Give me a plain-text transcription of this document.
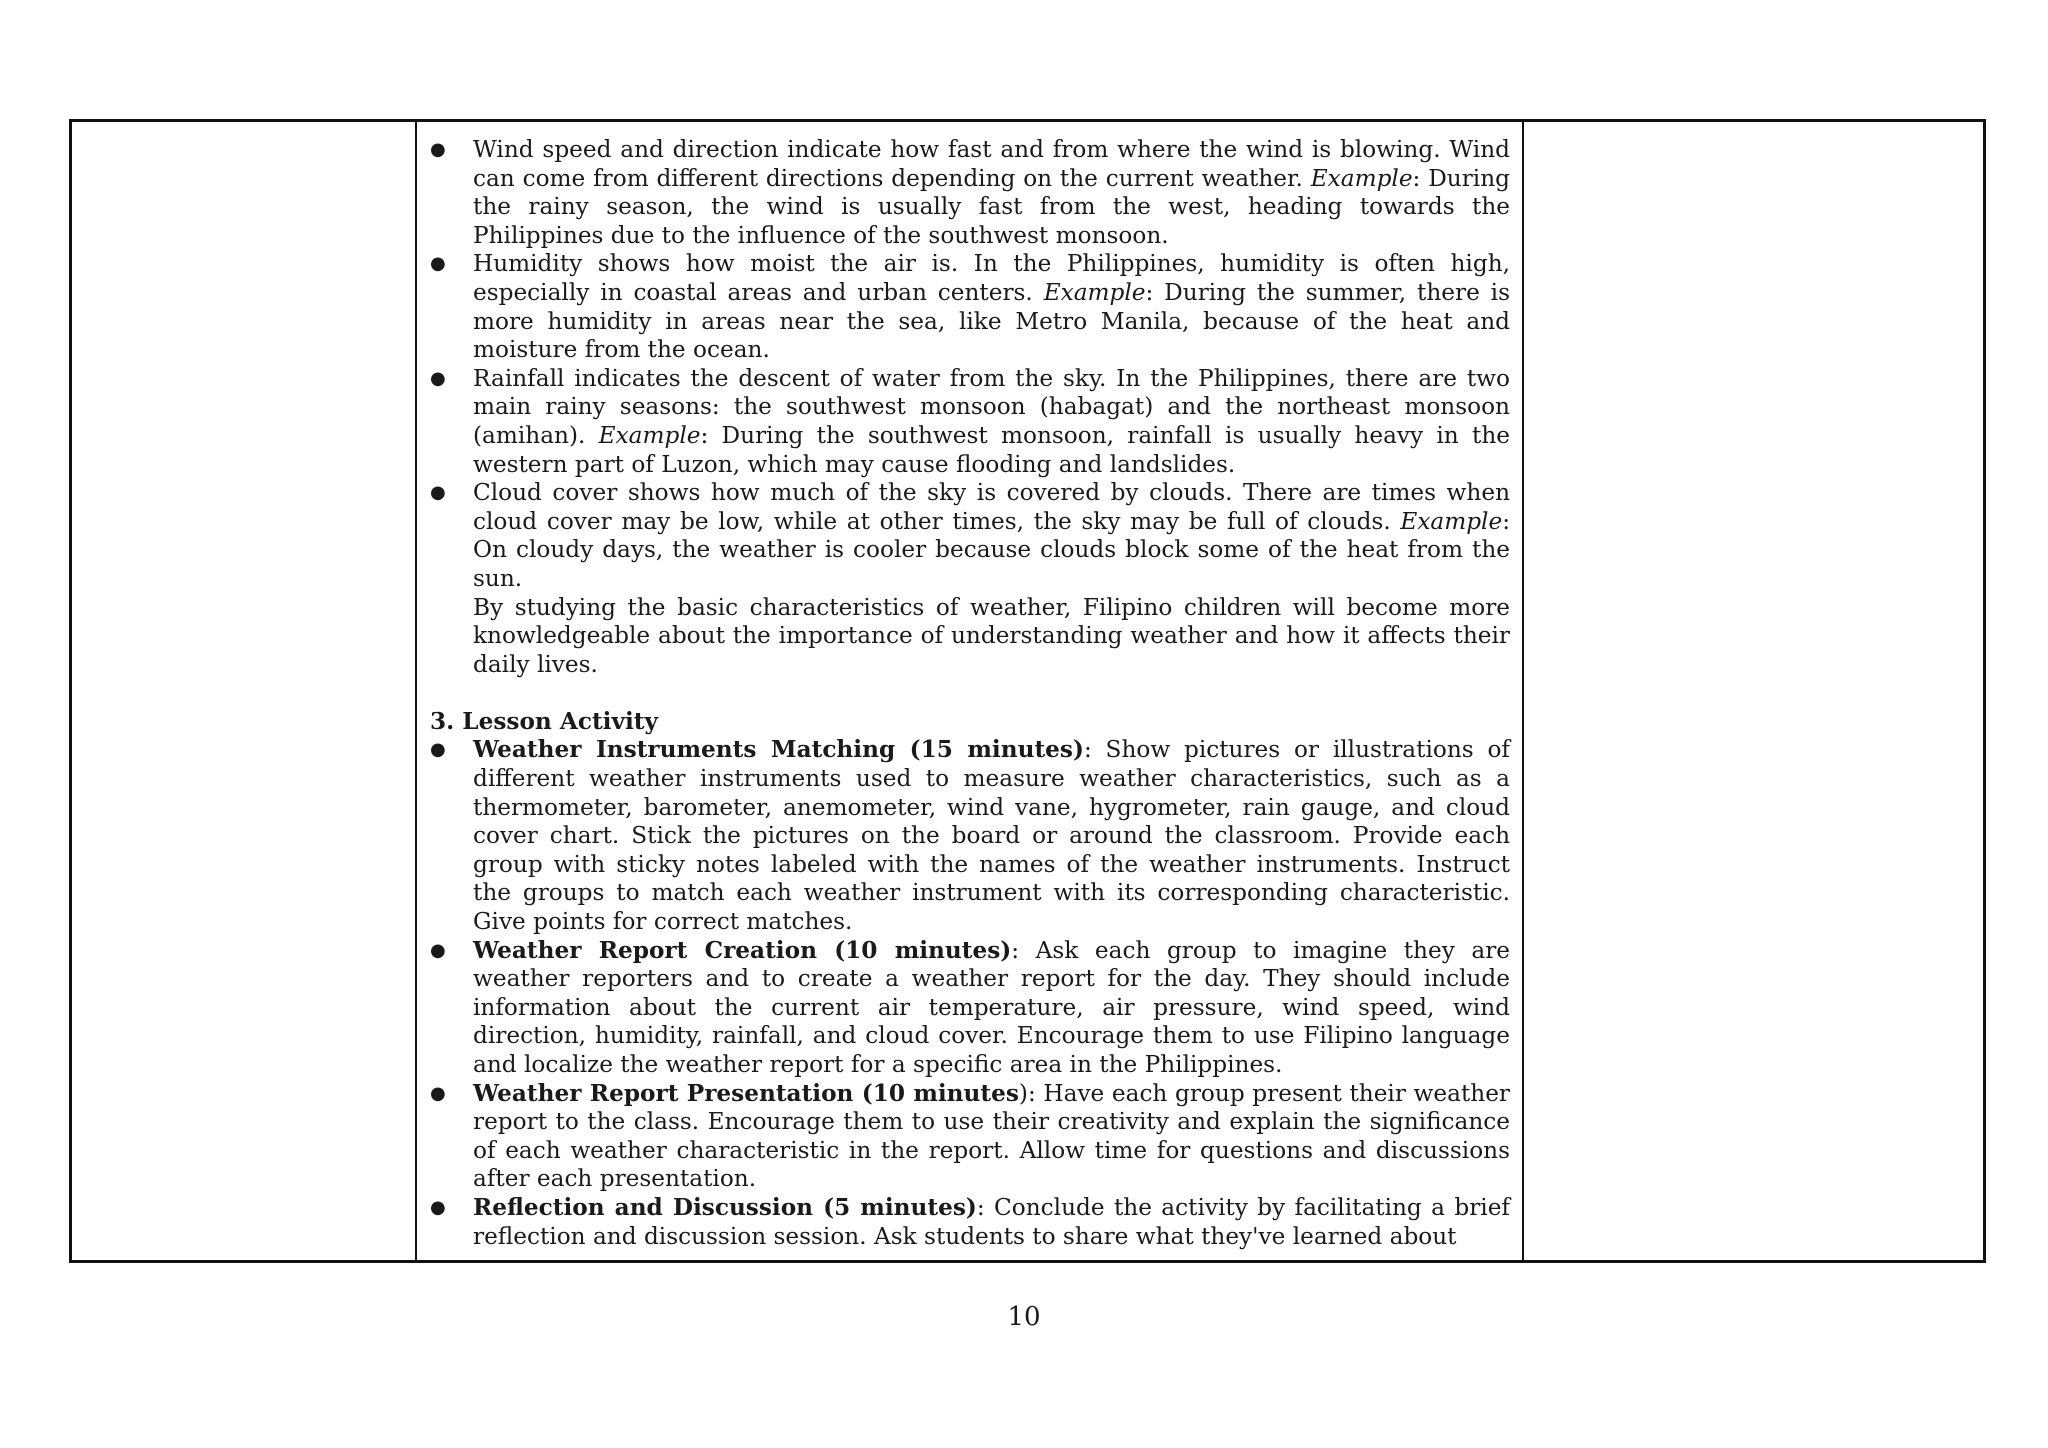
● Wind speed and direction indicate how fast and from where the wind is blowing. Wind can come from different directions depending on the current weather. Example: During the rainy season, the wind is usually fast from the west, heading towards the Philippines due to the influence of the southwest monsoon.
● Humidity shows how moist the air is. In the Philippines, humidity is often high, especially in coastal areas and urban centers. Example: During the summer, there is more humidity in areas near the sea, like Metro Manila, because of the heat and moisture from the ocean.
● Rainfall indicates the descent of water from the sky. In the Philippines, there are two main rainy seasons: the southwest monsoon (habagat) and the northeast monsoon (amihan). Example: During the southwest monsoon, rainfall is usually heavy in the western part of Luzon, which may cause flooding and landslides.
● Cloud cover shows how much of the sky is covered by clouds. There are times when cloud cover may be low, while at other times, the sky may be full of clouds. Example: On cloudy days, the weather is cooler because clouds block some of the heat from the sun.
By studying the basic characteristics of weather, Filipino children will become more knowledgeable about the importance of understanding weather and how it affects their daily lives.
3. Lesson Activity
● Weather Instruments Matching (15 minutes): Show pictures or illustrations of different weather instruments used to measure weather characteristics, such as a thermometer, barometer, anemometer, wind vane, hygrometer, rain gauge, and cloud cover chart. Stick the pictures on the board or around the classroom. Provide each group with sticky notes labeled with the names of the weather instruments. Instruct the groups to match each weather instrument with its corresponding characteristic. Give points for correct matches.
● Weather Report Creation (10 minutes): Ask each group to imagine they are weather reporters and to create a weather report for the day. They should include information about the current air temperature, air pressure, wind speed, wind direction, humidity, rainfall, and cloud cover. Encourage them to use Filipino language and localize the weather report for a specific area in the Philippines.
● Weather Report Presentation (10 minutes): Have each group present their weather report to the class. Encourage them to use their creativity and explain the significance of each weather characteristic in the report. Allow time for questions and discussions after each presentation.
● Reflection and Discussion (5 minutes): Conclude the activity by facilitating a brief reflection and discussion session. Ask students to share what they've learned about
10
